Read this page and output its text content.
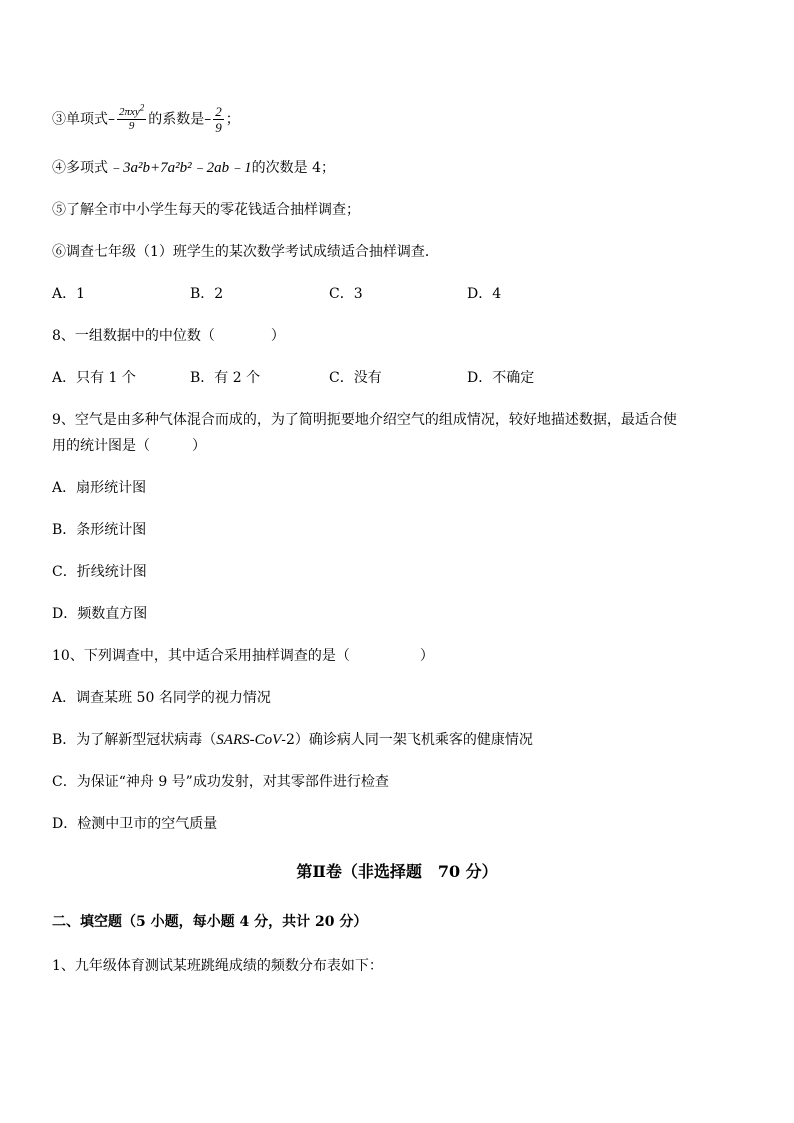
③单项式– $\frac{2\pi xy^2}{9}$ 的系数是– $\frac{2}{9}$ ；
④多项式﹣3a²b+7a²b²﹣2ab﹣1的次数是 4；
⑤了解全市中小学生每天的零花钱适合抽样调查；
⑥调查七年级（1）班学生的某次数学考试成绩适合抽样调查．
A．1	B．2	C．3	D．4
8、一组数据中的中位数（　　　　）
A．只有 1 个	B．有 2 个	C．没有	D．不确定
9、空气是由多种气体混合而成的，为了简明扼要地介绍空气的组成情况，较好地描述数据，最适合使
用的统计图是（　　　）
A．扇形统计图
B．条形统计图
C．折线统计图
D．频数直方图
10、下列调查中，其中适合采用抽样调查的是（　　　　　）
A．调查某班 50 名同学的视力情况
B．为了解新型冠状病毒（SARS-CoV-2）确诊病人同一架飞机乘客的健康情况
C．为保证“神舟 9 号”成功发射，对其零部件进行检查
D．检测中卫市的空气质量
第Ⅱ卷（非选择题　70 分）
二、填空题（5 小题，每小题 4 分，共计 20 分）
1、九年级体育测试某班跳绳成绩的频数分布表如下：
